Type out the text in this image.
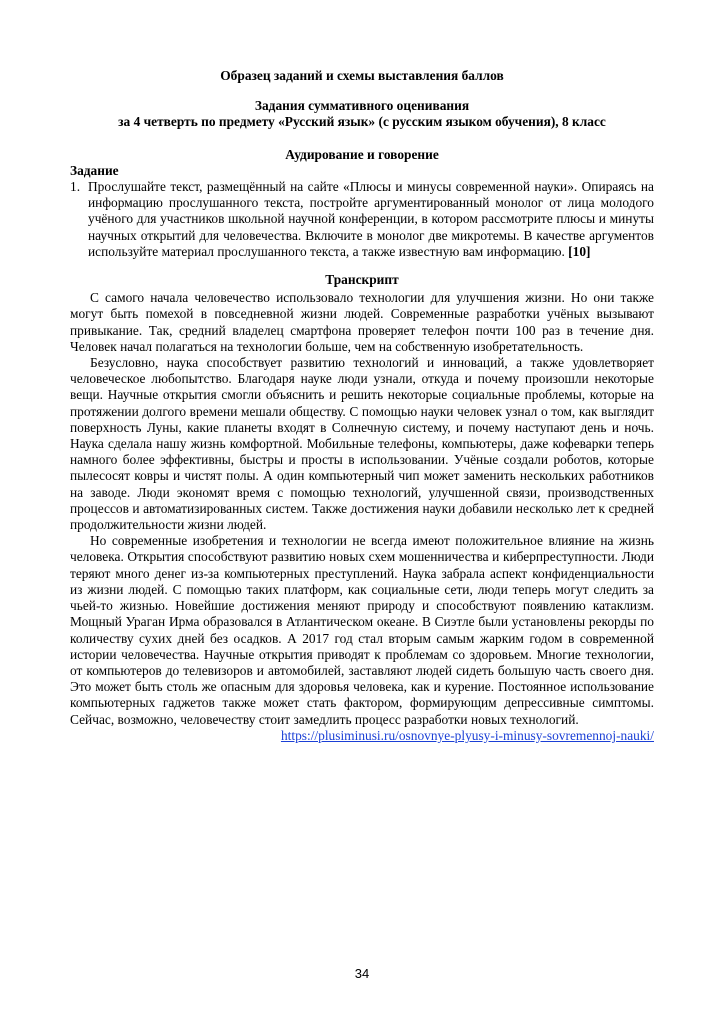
Образец заданий и схемы выставления баллов
Задания суммативного оценивания
за 4 четверть по предмету «Русский язык» (с русским языком обучения), 8 класс
Аудирование и говорение
Задание
1. Прослушайте текст, размещённый на сайте «Плюсы и минусы современной науки». Опираясь на информацию прослушанного текста, постройте аргументированный монолог от лица молодого учёного для участников школьной научной конференции, в котором рассмотрите плюсы и минуты научных открытий для человечества. Включите в монолог две микротемы. В качестве аргументов используйте материал прослушанного текста, а также известную вам информацию. [10]
Транскрипт

С самого начала человечество использовало технологии для улучшения жизни. Но они также могут быть помехой в повседневной жизни людей. Современные разработки учёных вызывают привыкание. Так, средний владелец смартфона проверяет телефон почти 100 раз в течение дня. Человек начал полагаться на технологии больше, чем на собственную изобретательность.

Безусловно, наука способствует развитию технологий и инноваций, а также удовлетворяет человеческое любопытство. Благодаря науке люди узнали, откуда и почему произошли некоторые вещи. Научные открытия смогли объяснить и решить некоторые социальные проблемы, которые на протяжении долгого времени мешали обществу. С помощью науки человек узнал о том, как выглядит поверхность Луны, какие планеты входят в Солнечную систему, и почему наступают день и ночь. Наука сделала нашу жизнь комфортной. Мобильные телефоны, компьютеры, даже кофеварки теперь намного более эффективны, быстры и просты в использовании. Учёные создали роботов, которые пылесосят ковры и чистят полы. А один компьютерный чип может заменить нескольких работников на заводе. Люди экономят время с помощью технологий, улучшенной связи, производственных процессов и автоматизированных систем. Также достижения науки добавили несколько лет к средней продолжительности жизни людей.

Но современные изобретения и технологии не всегда имеют положительное влияние на жизнь человека. Открытия способствуют развитию новых схем мошенничества и киберпреступности. Люди теряют много денег из-за компьютерных преступлений. Наука забрала аспект конфиденциальности из жизни людей. С помощью таких платформ, как социальные сети, люди теперь могут следить за чьей-то жизнью. Новейшие достижения меняют природу и способствуют появлению катаклизм. Мощный Ураган Ирма образовался в Атлантическом океане. В Сиэтле были установлены рекорды по количеству сухих дней без осадков. А 2017 год стал вторым самым жарким годом в современной истории человечества. Научные открытия приводят к проблемам со здоровьем. Многие технологии, от компьютеров до телевизоров и автомобилей, заставляют людей сидеть большую часть своего дня. Это может быть столь же опасным для здоровья человека, как и курение. Постоянное использование компьютерных гаджетов также может стать фактором, формирующим депрессивные симптомы. Сейчас, возможно, человечеству стоит замедлить процесс разработки новых технологий.

https://plusiminusi.ru/osnovnye-plyusy-i-minusy-sovremennoj-nauki/
34
